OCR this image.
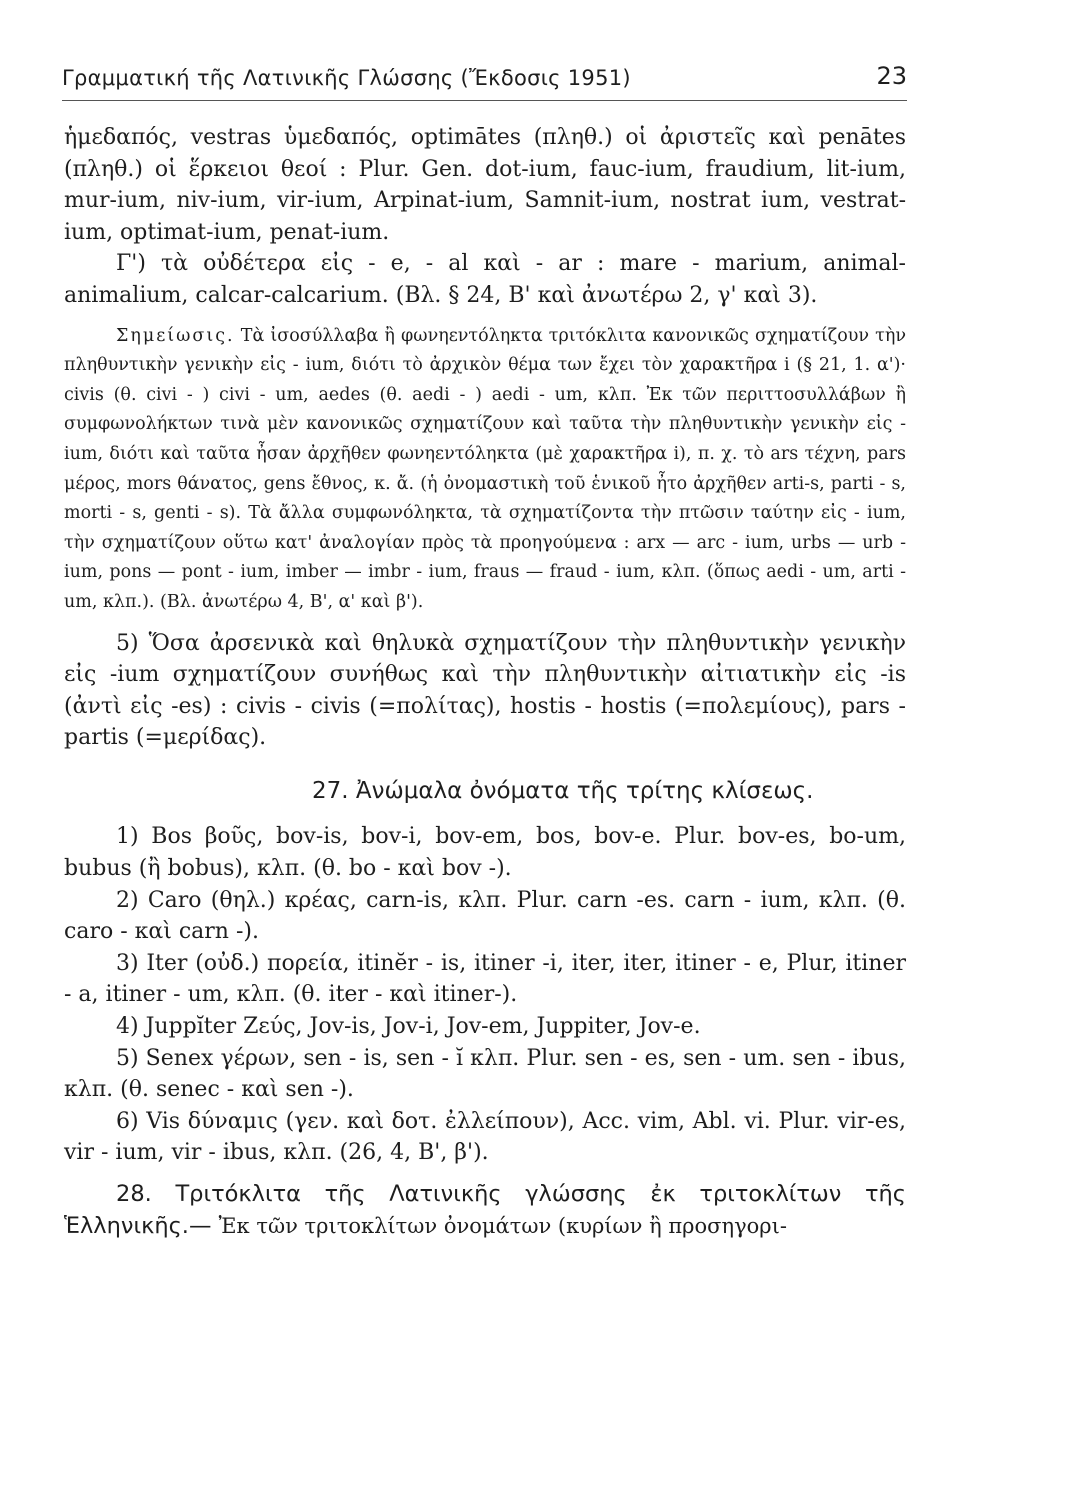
Γραμματική τῆς Λατινικῆς Γλώσσης (Ἔκδοσις 1951)	23

ἡμεδαπός, vestras ὑμεδαπός, optimātes (πληθ.) οἱ ἀριστεῖς καὶ penātes (πληθ.) οἱ ἕρκειοι θεοί : Plur. Gen. dot-ium, fauc-ium, fraudium, lit-ium, mur-ium, niv-ium, vir-ium, Arpinat-ium, Samnit-ium, nostrat ium, vestrat-ium, optimat-ium, penat-ium.

Γ') τὰ οὐδέτερα εἰς - e, - al καὶ - ar : mare - marium, animal-animalium, calcar-calcarium. (Βλ. § 24, Β' καὶ ἀνωτέρω 2, γ' καὶ 3).

Σημείωσις. Τὰ ἰσοσύλλαβα ἢ φωνηεντόληκτα τριτόκλιτα κανονικῶς σχηματίζουν τὴν πληθυντικὴν γενικὴν εἰς - ium, διότι τὸ ἀρχικὸν θέμα των ἔχει τὸν χαρακτῆρα i (§ 21, 1. α')· civis (θ. civi - ) civi - um, aedes (θ. aedi - ) aedi - um, κλπ. Ἐκ τῶν περιττοσυλλάβων ἢ συμφωνολήκτων τινὰ μὲν κανονικῶς σχηματίζουν καὶ ταῦτα τὴν πληθυντικὴν γενικὴν εἰς - ium, διότι καὶ ταῦτα ἦσαν ἀρχῆθεν φωνηεντόληκτα (μὲ χαρακτῆρα i), π. χ. τὸ ars τέχνη, pars μέρος, mors θάνατος, gens ἔθνος, κ. ἄ. (ἡ ὀνομαστικὴ τοῦ ἑνικοῦ ἦτο ἀρχῆθεν arti-s, parti - s, morti - s, genti - s). Τὰ ἄλλα συμφωνόληκτα, τὰ σχηματίζοντα τὴν πτῶσιν ταύτην εἰς - ium, τὴν σχηματίζουν οὕτω κατ' ἀναλογίαν πρὸς τὰ προηγούμενα : arx — arc - ium, urbs — urb - ium, pons — pont - ium, imber — imbr - ium, fraus — fraud - ium, κλπ. (ὅπως aedi - um, arti - um, κλπ.). (Βλ. ἀνωτέρω 4, Β', α' καὶ β').

5) Ὅσα ἀρσενικὰ καὶ θηλυκὰ σχηματίζουν τὴν πληθυντικὴν γενικὴν εἰς -ium σχηματίζουν συνήθως καὶ τὴν πληθυντικὴν αἰτιατικὴν εἰς -is (ἀντὶ εἰς -es) : civis - civis (=πολίτας), hostis - hostis (=πολεμίους), pars - partis (=μερίδας).

27. Ἀνώμαλα ὀνόματα τῆς τρίτης κλίσεως.

1) Bos βοῦς, bov-is, bov-i, bov-em, bos, bov-e. Plur. bov-es, bo-um, bubus (ἢ bobus), κλπ. (θ. bo - καὶ bov -).

2) Caro (θηλ.) κρέας, carn-is, κλπ. Plur. carn -es. carn - ium, κλπ. (θ. caro - καὶ carn -).

3) Iter (οὐδ.) πορεία, itinĕr - is, itiner -i, iter, iter, itiner - e, Plur, itiner - a, itiner - um, κλπ. (θ. iter - καὶ itiner-).

4) Juppĭter Ζεύς, Jov-is, Jov-i, Jov-em, Juppiter, Jov-e.

5) Senex γέρων, sen - is, sen - ĭ κλπ. Plur. sen - es, sen - um. sen - ibus, κλπ. (θ. senec - καὶ sen -).

6) Vis δύναμις (γεν. καὶ δοτ. ἐλλείπουν), Acc. vim, Abl. vi. Plur. vir-es, vir - ium, vir - ibus, κλπ. (26, 4, Β', β').

28. Τριτόκλιτα τῆς Λατινικῆς γλώσσης ἐκ τριτοκλίτων τῆς Ἑλληνικῆς.— Ἐκ τῶν τριτοκλίτων ὀνομάτων (κυρίων ἢ προσηγορι-
